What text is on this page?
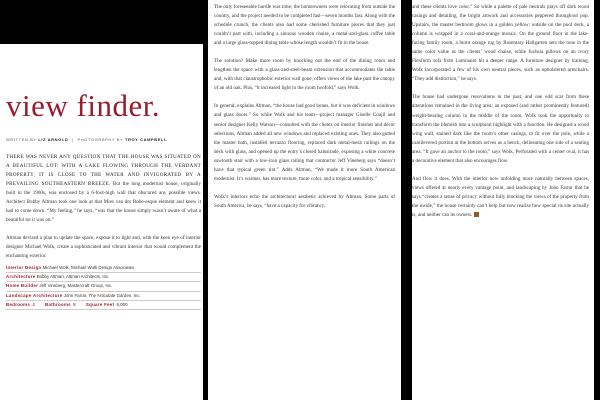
view finder.
WRITTEN BY LIZ ARNOLD | PHOTOGRAPHY BY TROY CAMPBELL

THERE WAS NEVER ANY QUESTION THAT THE HOUSE WAS SITUATED ON A BEAUTIFUL LOT: WITH A LAKE FLOWING THROUGH THE VERDANT PROPERTY, IT IS CLOSE TO THE WATER AND INVIGORATED BY A PREVAILING SOUTHEASTERN BREEZE. But the long modernist house, originally built in the 1960s, was enclosed by a 6-foot-high wall that obscured any possible views. Architect Bobby Altman took one look at that Mies van der Rohe-esque element and knew it had to come down. “My feeling,” he says, “was that the house simply wasn’t aware of what a beautiful lot it was on.”

Altman devised a plan to update the space, expose it to light and, with the keen eye of interior designer Michael Wolk, create a sophisticated and vibrant interior that would complement the enchanting exterior.

Interior Design Michael Wolk, Michael Wolk Design Associates
Architecture Bobby Altman, Altman Architects, Inc.
Home Builder Jeff Vineberg, Mastercraft Group, Inc.
Landscape Architecture John Farrar, The Articulate Garden, Inc.
Bedrooms 4 Bathrooms 8 Square Feet 8,000

The only foreseeable hurdle was time; the homeowners were relocating from outside the country, and the project needed to be completed fast—seven months fast. Along with the schedule crunch, the clients also had some cherished furniture pieces that they just couldn’t part with, including a sinuous wooden chaise, a metal-and-glass coffee table and a large glass-topped dining table whose length wouldn’t fit in the house.

The solution? Make more room by knocking out the end of the dining room and lengthen the space with a glass-and-steel-beam extension that accommodates the table and, with that claustrophobic exterior wall gone, offers views of the lake past the canopy of an old oak. Plus, “it increased light in the room twofold,” says Wolk.

In general, explains Altman, “the house had good bones, but it was deficient in windows and glass doors.” So while Wolk and his team—project manager Giselle Coujil and senior designer Kelly Watson—consulted with the clients on interior finishes and décor selections, Altman added all new windows and replaced existing ones. They also gutted the master bath, installed terrazzo flooring, replaced dark metal-mesh railings on the deck with glass, and opened up the entry’s closed balustrade, exposing a white concrete sawtooth stair with a low-iron glass railing that contractor Jeff Vineberg says “doesn’t have that typical green tint.” Adds Altman, “We made it more South American modernist. It’s warmer, has more texture, more color, and a tropical sensibility.”

Wolk’s interiors echo the architectural aesthetic achieved by Altman. Some parts of South America, he says, “have a capacity for vibrancy,

and these clients love color.” So while a palette of pale neutrals plays off dark wood casings and detailing, the bright artwork and accessories peppered throughout pop. Upstairs, the master bedroom glows in a golden yellow; outside on the pool deck, a column is wrapped in a coral-and-orange mosaic. On the ground floor in the lake-facing family room, a burnt orange rug by Rosemary Hallgarten sets the tone in the same color value as the clients’ wood chaise, while fuchsia pillows on an ivory Flexform sofa from Luminaire hit a deeper range. A furniture designer by training, Wolk incorporated a few of his own neutral pieces, such as upholstered armchairs. “They add distinction,” he says.

The house had undergone renovations in the past, and one odd scar from these alterations remained in the living area: an exposed (and rather prominently featured) weight-bearing column in the middle of the room. Wolk took the opportunity to transform the blemish into a sculptural highlight with a function. He designed a wood wing wall, stained dark like the room’s other casings, to fit over the pole, while a cantilevered portion at the bottom serves as a bench, delineating one side of a seating area. “It gave an anchor to the room,” says Wolk. Perforated with a center oval, it has a decorative element that also encourages flow.

And flow it does. With the interior now unfolding more naturally between spaces, views offered at nearly every vantage point, and landscaping by John Farrar that he says “creates a sense of privacy without fully blocking the views of the property from the inside,” the house certainly can’t help but now realize how special its site actually is, and neither can its owners.
